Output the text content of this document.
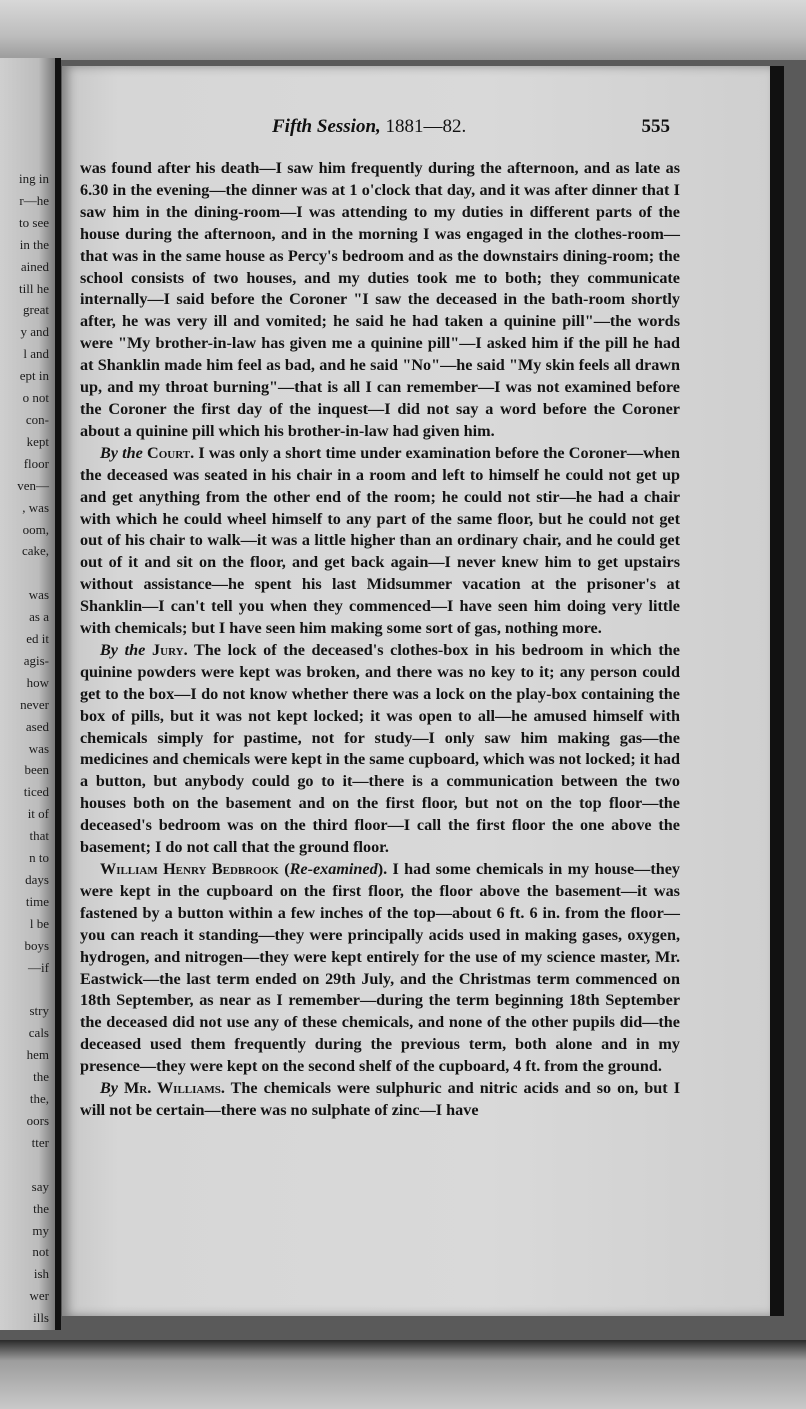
ing in
r—he
to see
in the
ained
till he
great
y and
l and
ept in
o not
con-
kept
floor
ven—
, was
oom,
cake,

was
as a
ed it
agis-
how
never
ased
was
been
ticed
it of
that
n to
days
time
l be
boys
—if

stry
cals
hem
the
the,
oors
tter

say
the
my
not
ish
wer
ills
Fifth Session, 1881—82.	555

was found after his death—I saw him frequently during the afternoon, and as late as 6.30 in the evening—the dinner was at 1 o'clock that day, and it was after dinner that I saw him in the dining-room—I was attending to my duties in different parts of the house during the afternoon, and in the morning I was engaged in the clothes-room—that was in the same house as Percy's bedroom and as the downstairs dining-room; the school consists of two houses, and my duties took me to both; they communicate internally—I said before the Coroner "I saw the deceased in the bath-room shortly after, he was very ill and vomited; he said he had taken a quinine pill"—the words were "My brother-in-law has given me a quinine pill"—I asked him if the pill he had at Shanklin made him feel as bad, and he said "No"—he said "My skin feels all drawn up, and my throat burning"—that is all I can remember—I was not examined before the Coroner the first day of the inquest—I did not say a word before the Coroner about a quinine pill which his brother-in-law had given him.

By the Court. I was only a short time under examination before the Coroner—when the deceased was seated in his chair in a room and left to himself he could not get up and get anything from the other end of the room; he could not stir—he had a chair with which he could wheel himself to any part of the same floor, but he could not get out of his chair to walk—it was a little higher than an ordinary chair, and he could get out of it and sit on the floor, and get back again—I never knew him to get upstairs without assistance—he spent his last Midsummer vacation at the prisoner's at Shanklin—I can't tell you when they commenced—I have seen him doing very little with chemicals; but I have seen him making some sort of gas, nothing more.

By the Jury. The lock of the deceased's clothes-box in his bedroom in which the quinine powders were kept was broken, and there was no key to it; any person could get to the box—I do not know whether there was a lock on the play-box containing the box of pills, but it was not kept locked; it was open to all—he amused himself with chemicals simply for pastime, not for study—I only saw him making gas—the medicines and chemicals were kept in the same cupboard, which was not locked; it had a button, but anybody could go to it—there is a communication between the two houses both on the basement and on the first floor, but not on the top floor—the deceased's bedroom was on the third floor—I call the first floor the one above the basement; I do not call that the ground floor.

William Henry Bedbrook (Re-examined). I had some chemicals in my house—they were kept in the cupboard on the first floor, the floor above the basement—it was fastened by a button within a few inches of the top—about 6 ft. 6 in. from the floor—you can reach it standing—they were principally acids used in making gases, oxygen, hydrogen, and nitrogen—they were kept entirely for the use of my science master, Mr. Eastwick—the last term ended on 29th July, and the Christmas term commenced on 18th September, as near as I remember—during the term beginning 18th September the deceased did not use any of these chemicals, and none of the other pupils did—the deceased used them frequently during the previous term, both alone and in my presence—they were kept on the second shelf of the cupboard, 4 ft. from the ground.

By Mr. Williams. The chemicals were sulphuric and nitric acids and so on, but I will not be certain—there was no sulphate of zinc—I have
